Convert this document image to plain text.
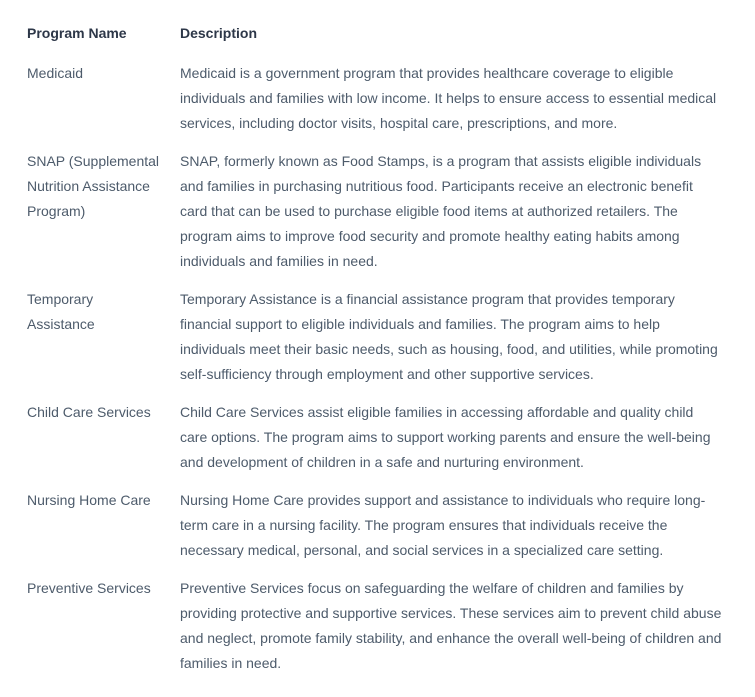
Program Name	Description
Medicaid	Medicaid is a government program that provides healthcare coverage to eligible individuals and families with low income. It helps to ensure access to essential medical services, including doctor visits, hospital care, prescriptions, and more.
SNAP (Supplemental Nutrition Assistance Program)	SNAP, formerly known as Food Stamps, is a program that assists eligible individuals and families in purchasing nutritious food. Participants receive an electronic benefit card that can be used to purchase eligible food items at authorized retailers. The program aims to improve food security and promote healthy eating habits among individuals and families in need.
Temporary Assistance	Temporary Assistance is a financial assistance program that provides temporary financial support to eligible individuals and families. The program aims to help individuals meet their basic needs, such as housing, food, and utilities, while promoting self-sufficiency through employment and other supportive services.
Child Care Services	Child Care Services assist eligible families in accessing affordable and quality child care options. The program aims to support working parents and ensure the well-being and development of children in a safe and nurturing environment.
Nursing Home Care	Nursing Home Care provides support and assistance to individuals who require long-term care in a nursing facility. The program ensures that individuals receive the necessary medical, personal, and social services in a specialized care setting.
Preventive Services	Preventive Services focus on safeguarding the welfare of children and families by providing protective and supportive services. These services aim to prevent child abuse and neglect, promote family stability, and enhance the overall well-being of children and families in need.
